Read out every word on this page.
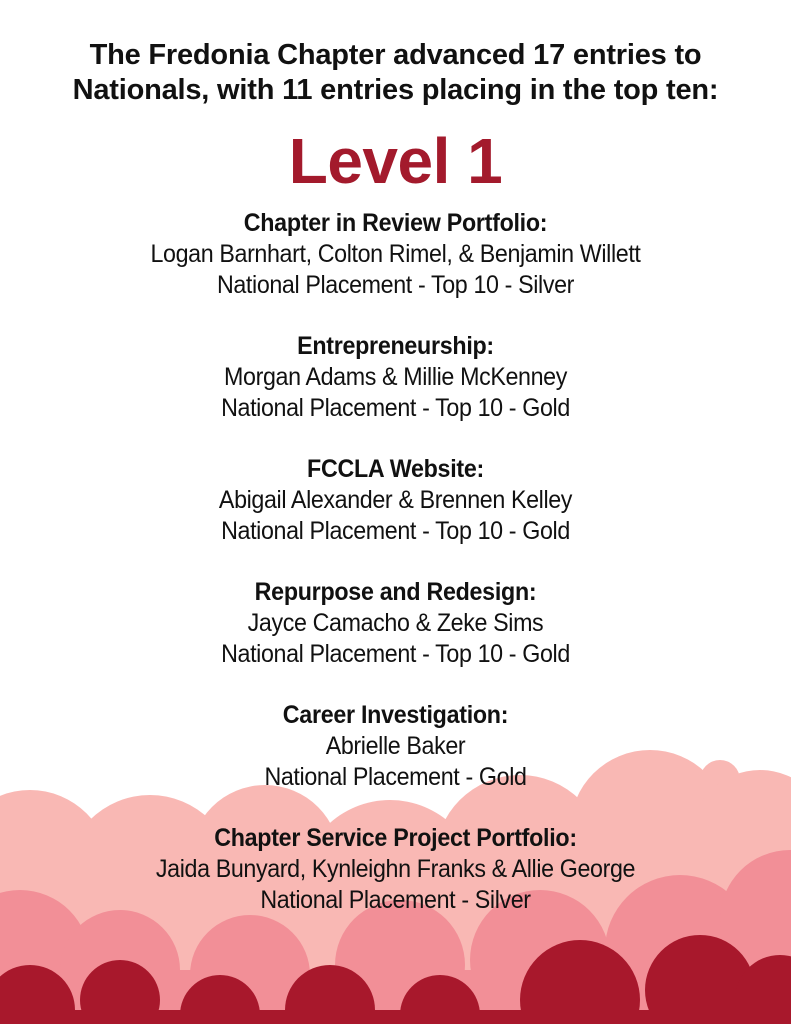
The Fredonia Chapter advanced 17 entries to
Nationals, with 11 entries placing in the top ten:
Level 1
Chapter in Review Portfolio:
Logan Barnhart, Colton Rimel, & Benjamin Willett
National Placement - Top 10 - Silver
Entrepreneurship:
Morgan Adams & Millie McKenney
National Placement - Top 10 - Gold
FCCLA Website:
Abigail Alexander & Brennen Kelley
National Placement - Top 10 - Gold
Repurpose and Redesign:
Jayce Camacho & Zeke Sims
National Placement - Top 10 - Gold
Career Investigation:
Abrielle Baker
National Placement - Gold
Chapter Service Project Portfolio:
Jaida Bunyard, Kynleighn Franks & Allie George
National Placement - Silver
